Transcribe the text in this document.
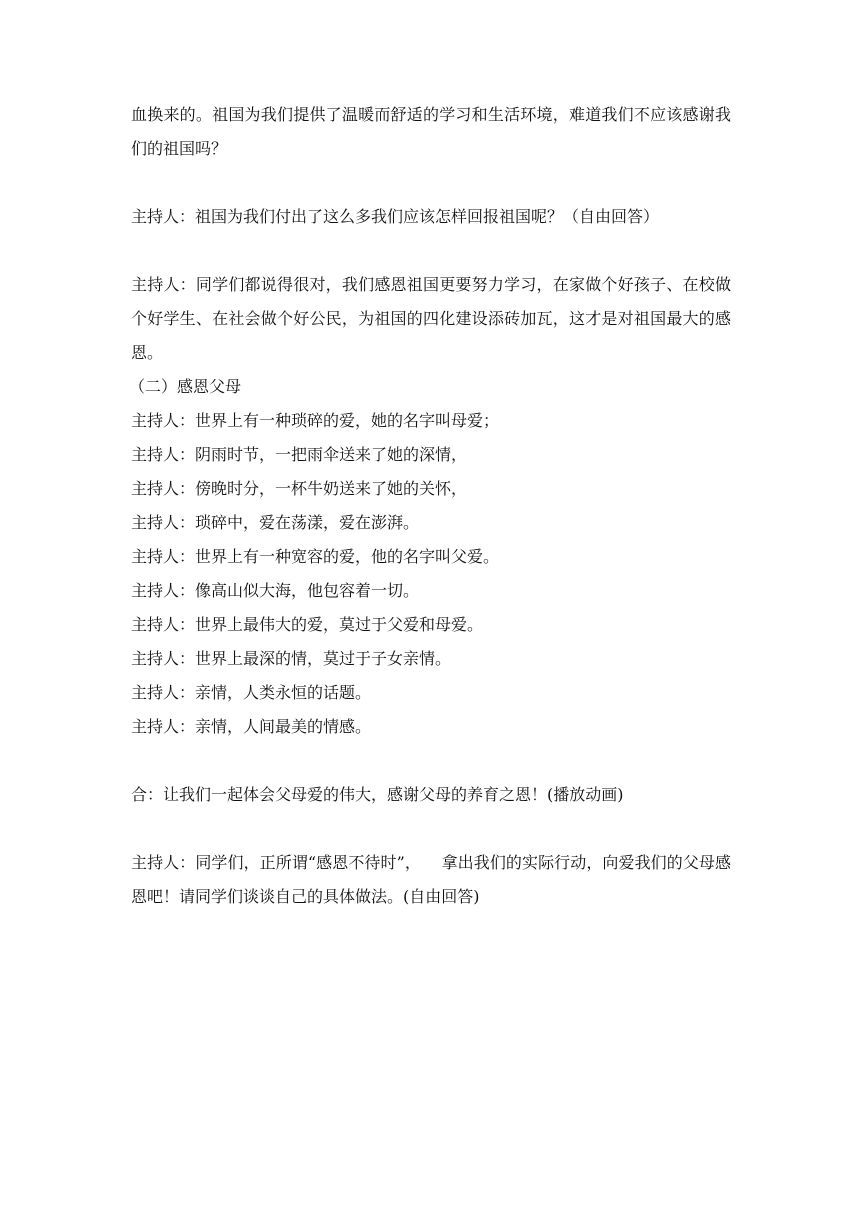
血换来的。祖国为我们提供了温暖而舒适的学习和生活环境，难道我们不应该感谢我们的祖国吗？

主持人：祖国为我们付出了这么多我们应该怎样回报祖国呢？（自由回答）

主持人：同学们都说得很对，我们感恩祖国更要努力学习，在家做个好孩子、在校做个好学生、在社会做个好公民，为祖国的四化建设添砖加瓦，这才是对祖国最大的感恩。

（二）感恩父母

主持人：世界上有一种琐碎的爱，她的名字叫母爱；

主持人：阴雨时节，一把雨伞送来了她的深情，

主持人：傍晚时分，一杯牛奶送来了她的关怀，

主持人：琐碎中，爱在荡漾，爱在澎湃。

主持人：世界上有一种宽容的爱，他的名字叫父爱。

主持人：像高山似大海，他包容着一切。

主持人：世界上最伟大的爱，莫过于父爱和母爱。

主持人：世界上最深的情，莫过于子女亲情。

主持人：亲情，人类永恒的话题。

主持人：亲情，人间最美的情感。

合：让我们一起体会父母爱的伟大，感谢父母的养育之恩！(播放动画)

主持人：同学们，正所谓“感恩不待时”，    拿出我们的实际行动，向爱我们的父母感恩吧！请同学们谈谈自己的具体做法。(自由回答)
